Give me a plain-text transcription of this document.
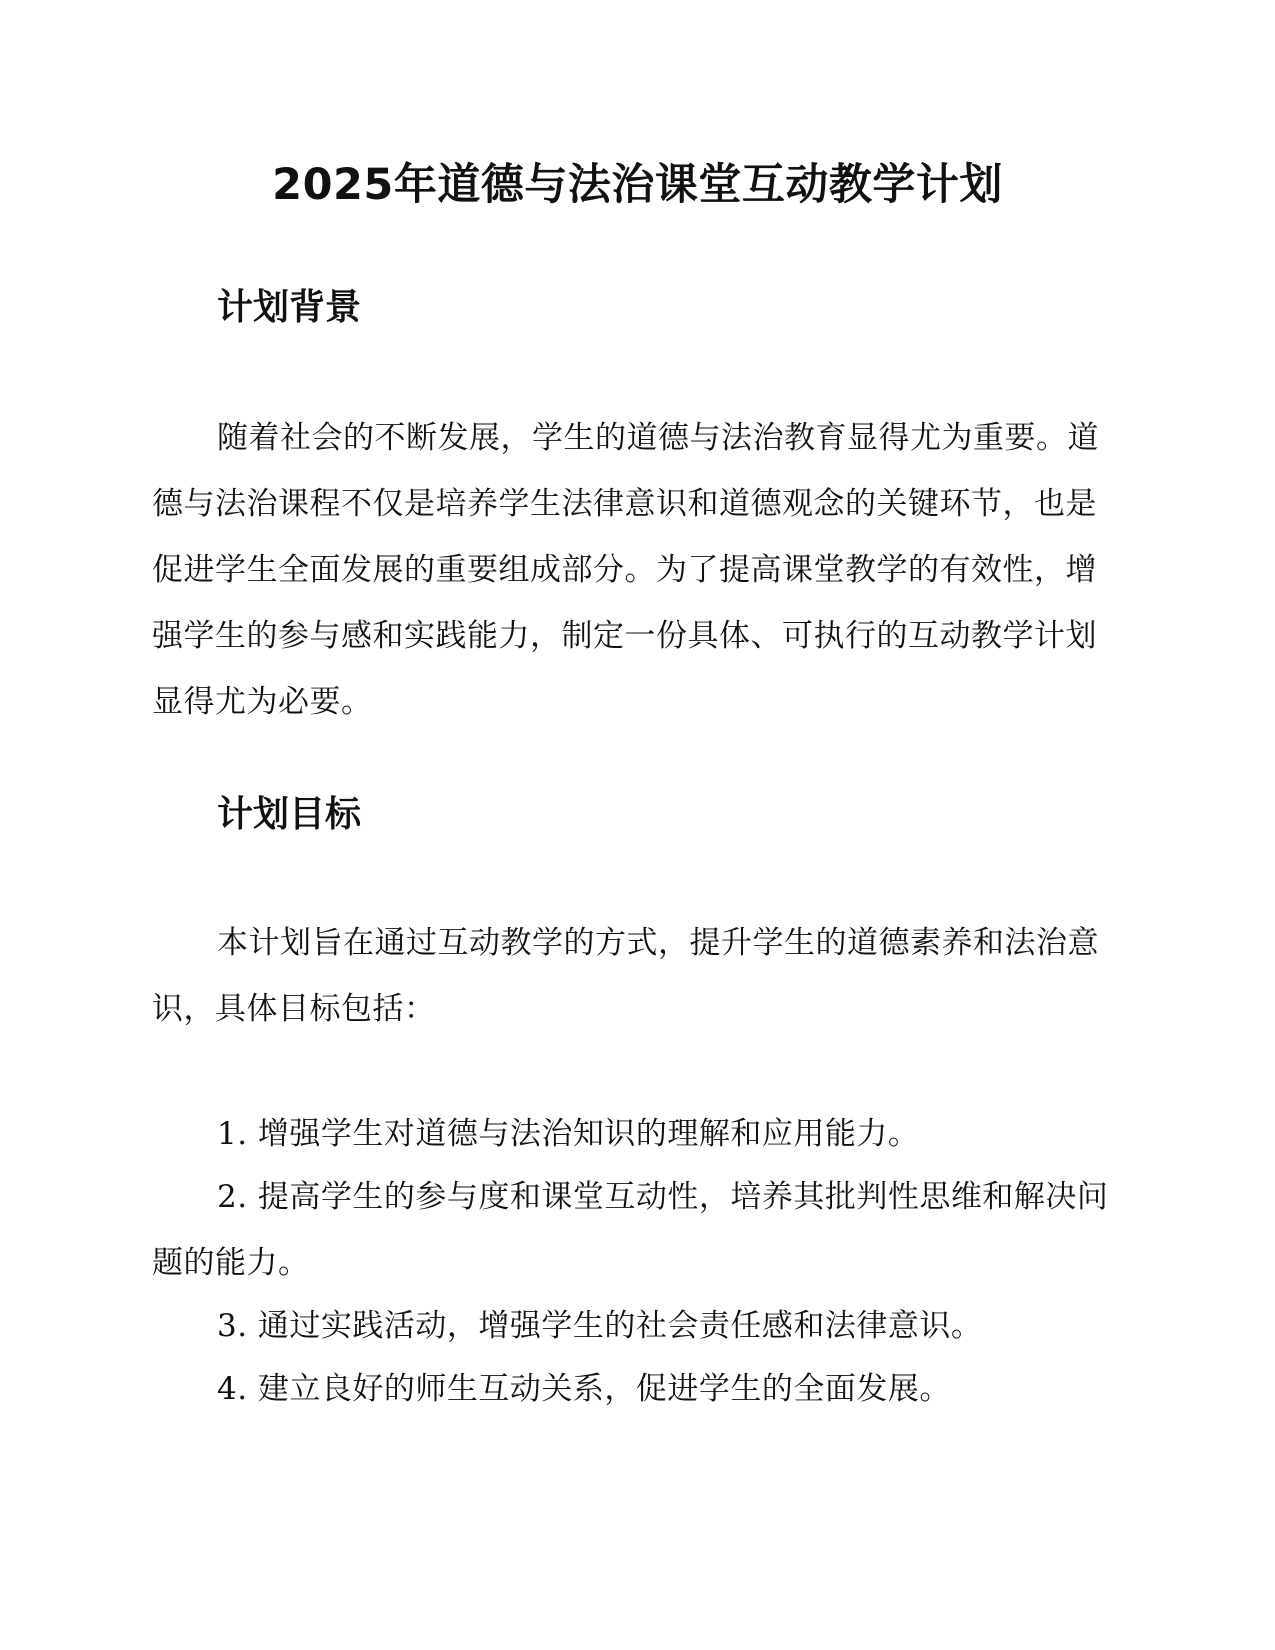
2025年道德与法治课堂互动教学计划
计划背景

随着社会的不断发展，学生的道德与法治教育显得尤为重要。道德与法治课程不仅是培养学生法律意识和道德观念的关键环节，也是促进学生全面发展的重要组成部分。为了提高课堂教学的有效性，增强学生的参与感和实践能力，制定一份具体、可执行的互动教学计划显得尤为必要。

计划目标

本计划旨在通过互动教学的方式，提升学生的道德素养和法治意识，具体目标包括：

1. 增强学生对道德与法治知识的理解和应用能力。

2. 提高学生的参与度和课堂互动性，培养其批判性思维和解决问题的能力。

3. 通过实践活动，增强学生的社会责任感和法律意识。

4. 建立良好的师生互动关系，促进学生的全面发展。
